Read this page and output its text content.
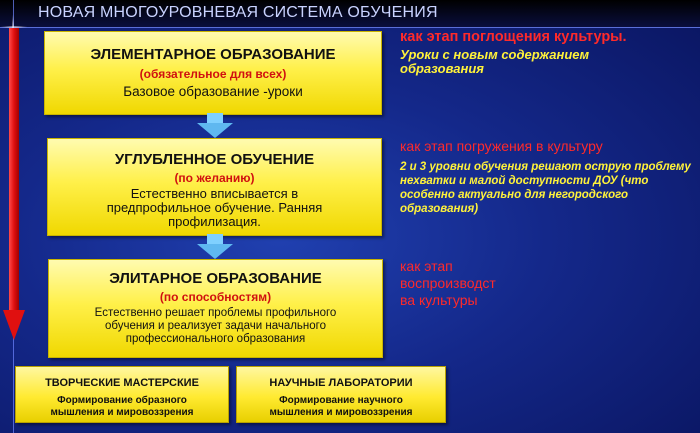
НОВАЯ МНОГОУРОВНЕВАЯ СИСТЕМА ОБУЧЕНИЯ
ЭЛЕМЕНТАРНОЕ ОБРАЗОВАНИЕ
(обязательное для всех)
Базовое образование -уроки
УГЛУБЛЕННОЕ ОБУЧЕНИЕ
(по желанию)
Естественно вписывается в предпрофильное обучение. Ранняя профилизация.
ЭЛИТАРНОЕ ОБРАЗОВАНИЕ
(по способностям)
Естественно решает проблемы профильного обучения и реализует задачи начального профессионального образования
ТВОРЧЕСКИЕ МАСТЕРСКИЕ
Формирование образного мышления и мировоззрения
НАУЧНЫЕ ЛАБОРАТОРИИ
Формирование научного мышления и мировоззрения
как этап поглощения культуры.
Уроки с новым содержанием образования
как этап погружения в культуру
2 и 3 уровни обучения решают острую проблему нехватки и малой доступности ДОУ (что особенно актуально для негородского образования)
как этап воспроизводст ва культуры
